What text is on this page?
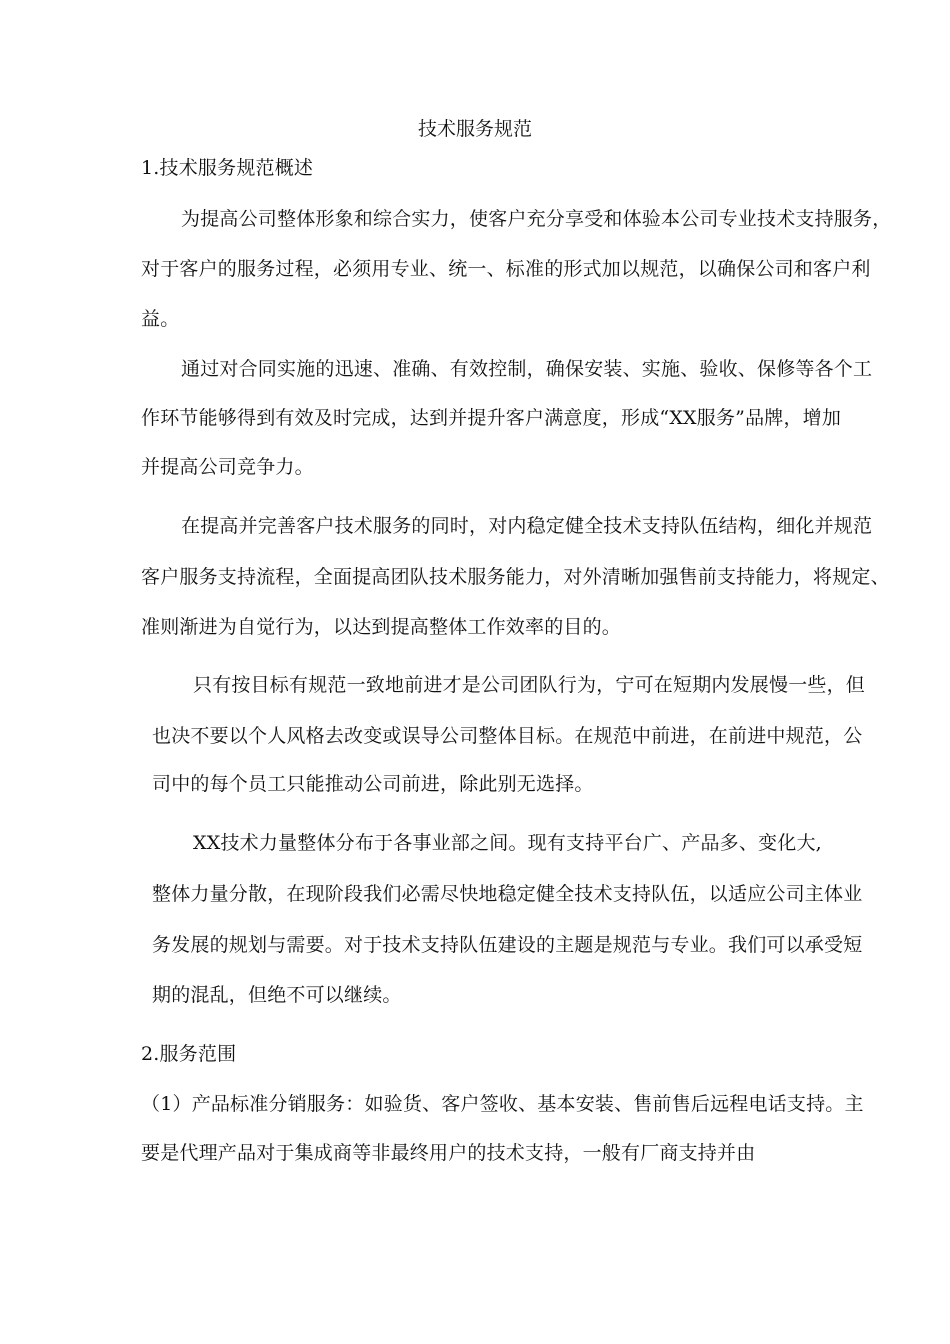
技术服务规范
1.技术服务规范概述
为提高公司整体形象和综合实力，使客户充分享受和体验本公司专业技术支持服务，
对于客户的服务过程，必须用专业、统一、标准的形式加以规范，以确保公司和客户利
益。
通过对合同实施的迅速、准确、有效控制，确保安装、实施、验收、保修等各个工
作环节能够得到有效及时完成，达到并提升客户满意度，形成“XX服务”品牌，增加
并提高公司竞争力。
在提高并完善客户技术服务的同时，对内稳定健全技术支持队伍结构，细化并规范
客户服务支持流程，全面提高团队技术服务能力，对外清晰加强售前支持能力，将规定、
准则渐进为自觉行为，以达到提高整体工作效率的目的。
只有按目标有规范一致地前进才是公司团队行为，宁可在短期内发展慢一些，但
也决不要以个人风格去改变或误导公司整体目标。在规范中前进，在前进中规范，公
司中的每个员工只能推动公司前进，除此别无选择。
XX技术力量整体分布于各事业部之间。现有支持平台广、产品多、变化大,
整体力量分散，在现阶段我们必需尽快地稳定健全技术支持队伍，以适应公司主体业
务发展的规划与需要。对于技术支持队伍建设的主题是规范与专业。我们可以承受短
期的混乱，但绝不可以继续。
2.服务范围
（1）产品标准分销服务：如验货、客户签收、基本安装、售前售后远程电话支持。主
要是代理产品对于集成商等非最终用户的技术支持，一般有厂商支持并由
